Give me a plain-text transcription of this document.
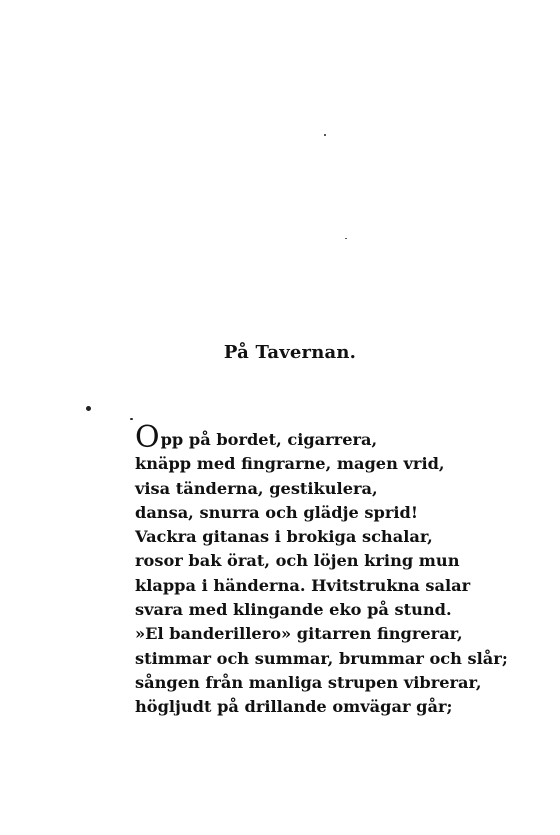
På Tavernan.
Opp på bordet, cigarrera,
knäpp med fingrarne, magen vrid,
visa tänderna, gestikulera,
dansa, snurra och glädje sprid!
Vackra gitanas i brokiga schalar,
rosor bak örat, och löjen kring mun
klappa i händerna. Hvitstrukna salar
svara med klingande eko på stund.
»El banderillero» gitarren fingrerar,
stimmar och summar, brummar och slår;
sången från manliga strupen vibrerar,
högljudt på drillande omvägar går;
